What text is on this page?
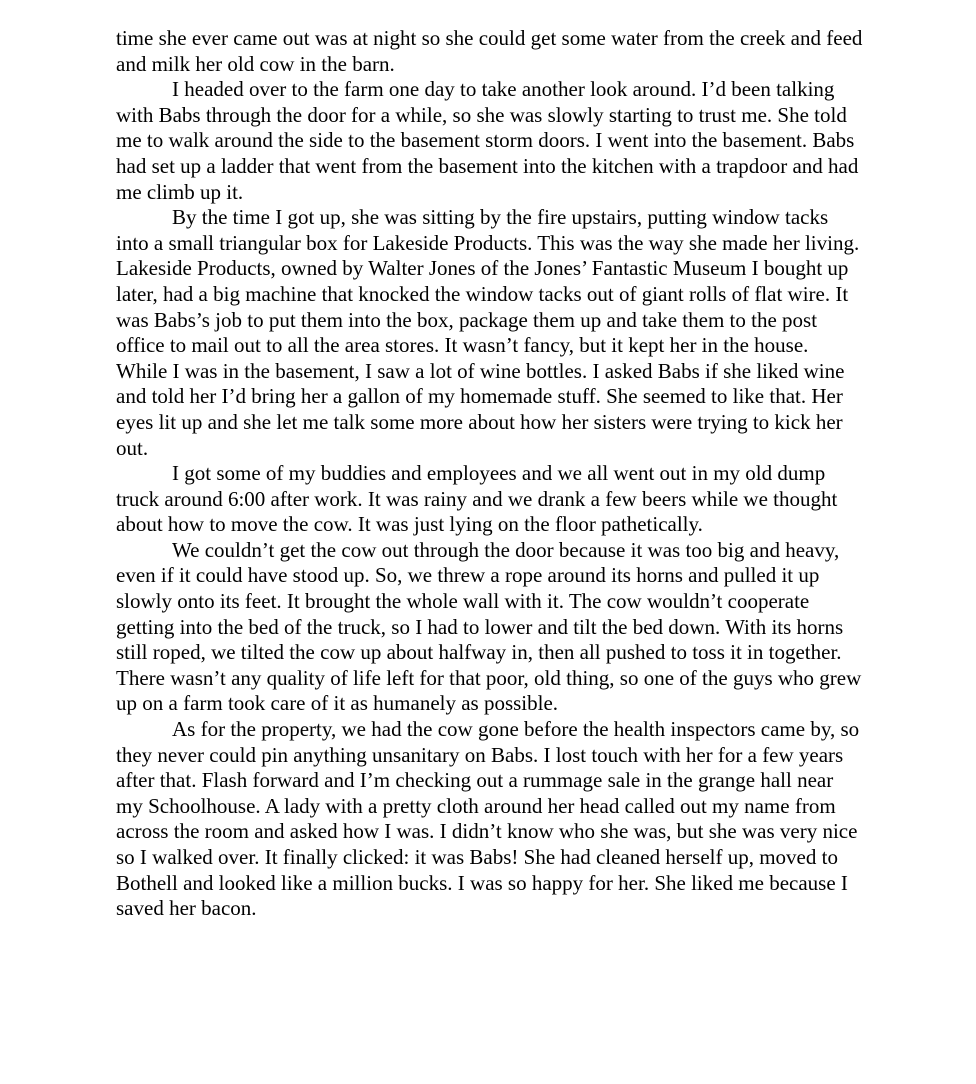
time she ever came out was at night so she could get some water from the creek and feed and milk her old cow in the barn.

I headed over to the farm one day to take another look around. I’d been talking with Babs through the door for a while, so she was slowly starting to trust me. She told me to walk around the side to the basement storm doors. I went into the basement. Babs had set up a ladder that went from the basement into the kitchen with a trapdoor and had me climb up it.

By the time I got up, she was sitting by the fire upstairs, putting window tacks into a small triangular box for Lakeside Products. This was the way she made her living. Lakeside Products, owned by Walter Jones of the Jones’ Fantastic Museum I bought up later, had a big machine that knocked the window tacks out of giant rolls of flat wire. It was Babs’s job to put them into the box, package them up and take them to the post office to mail out to all the area stores. It wasn’t fancy, but it kept her in the house. While I was in the basement, I saw a lot of wine bottles. I asked Babs if she liked wine and told her I’d bring her a gallon of my homemade stuff. She seemed to like that. Her eyes lit up and she let me talk some more about how her sisters were trying to kick her out.

I got some of my buddies and employees and we all went out in my old dump truck around 6:00 after work. It was rainy and we drank a few beers while we thought about how to move the cow. It was just lying on the floor pathetically.

We couldn’t get the cow out through the door because it was too big and heavy, even if it could have stood up. So, we threw a rope around its horns and pulled it up slowly onto its feet. It brought the whole wall with it. The cow wouldn’t cooperate getting into the bed of the truck, so I had to lower and tilt the bed down. With its horns still roped, we tilted the cow up about halfway in, then all pushed to toss it in together. There wasn’t any quality of life left for that poor, old thing, so one of the guys who grew up on a farm took care of it as humanely as possible.

As for the property, we had the cow gone before the health inspectors came by, so they never could pin anything unsanitary on Babs. I lost touch with her for a few years after that. Flash forward and I’m checking out a rummage sale in the grange hall near my Schoolhouse. A lady with a pretty cloth around her head called out my name from across the room and asked how I was. I didn’t know who she was, but she was very nice so I walked over. It finally clicked: it was Babs! She had cleaned herself up, moved to Bothell and looked like a million bucks. I was so happy for her. She liked me because I saved her bacon.
